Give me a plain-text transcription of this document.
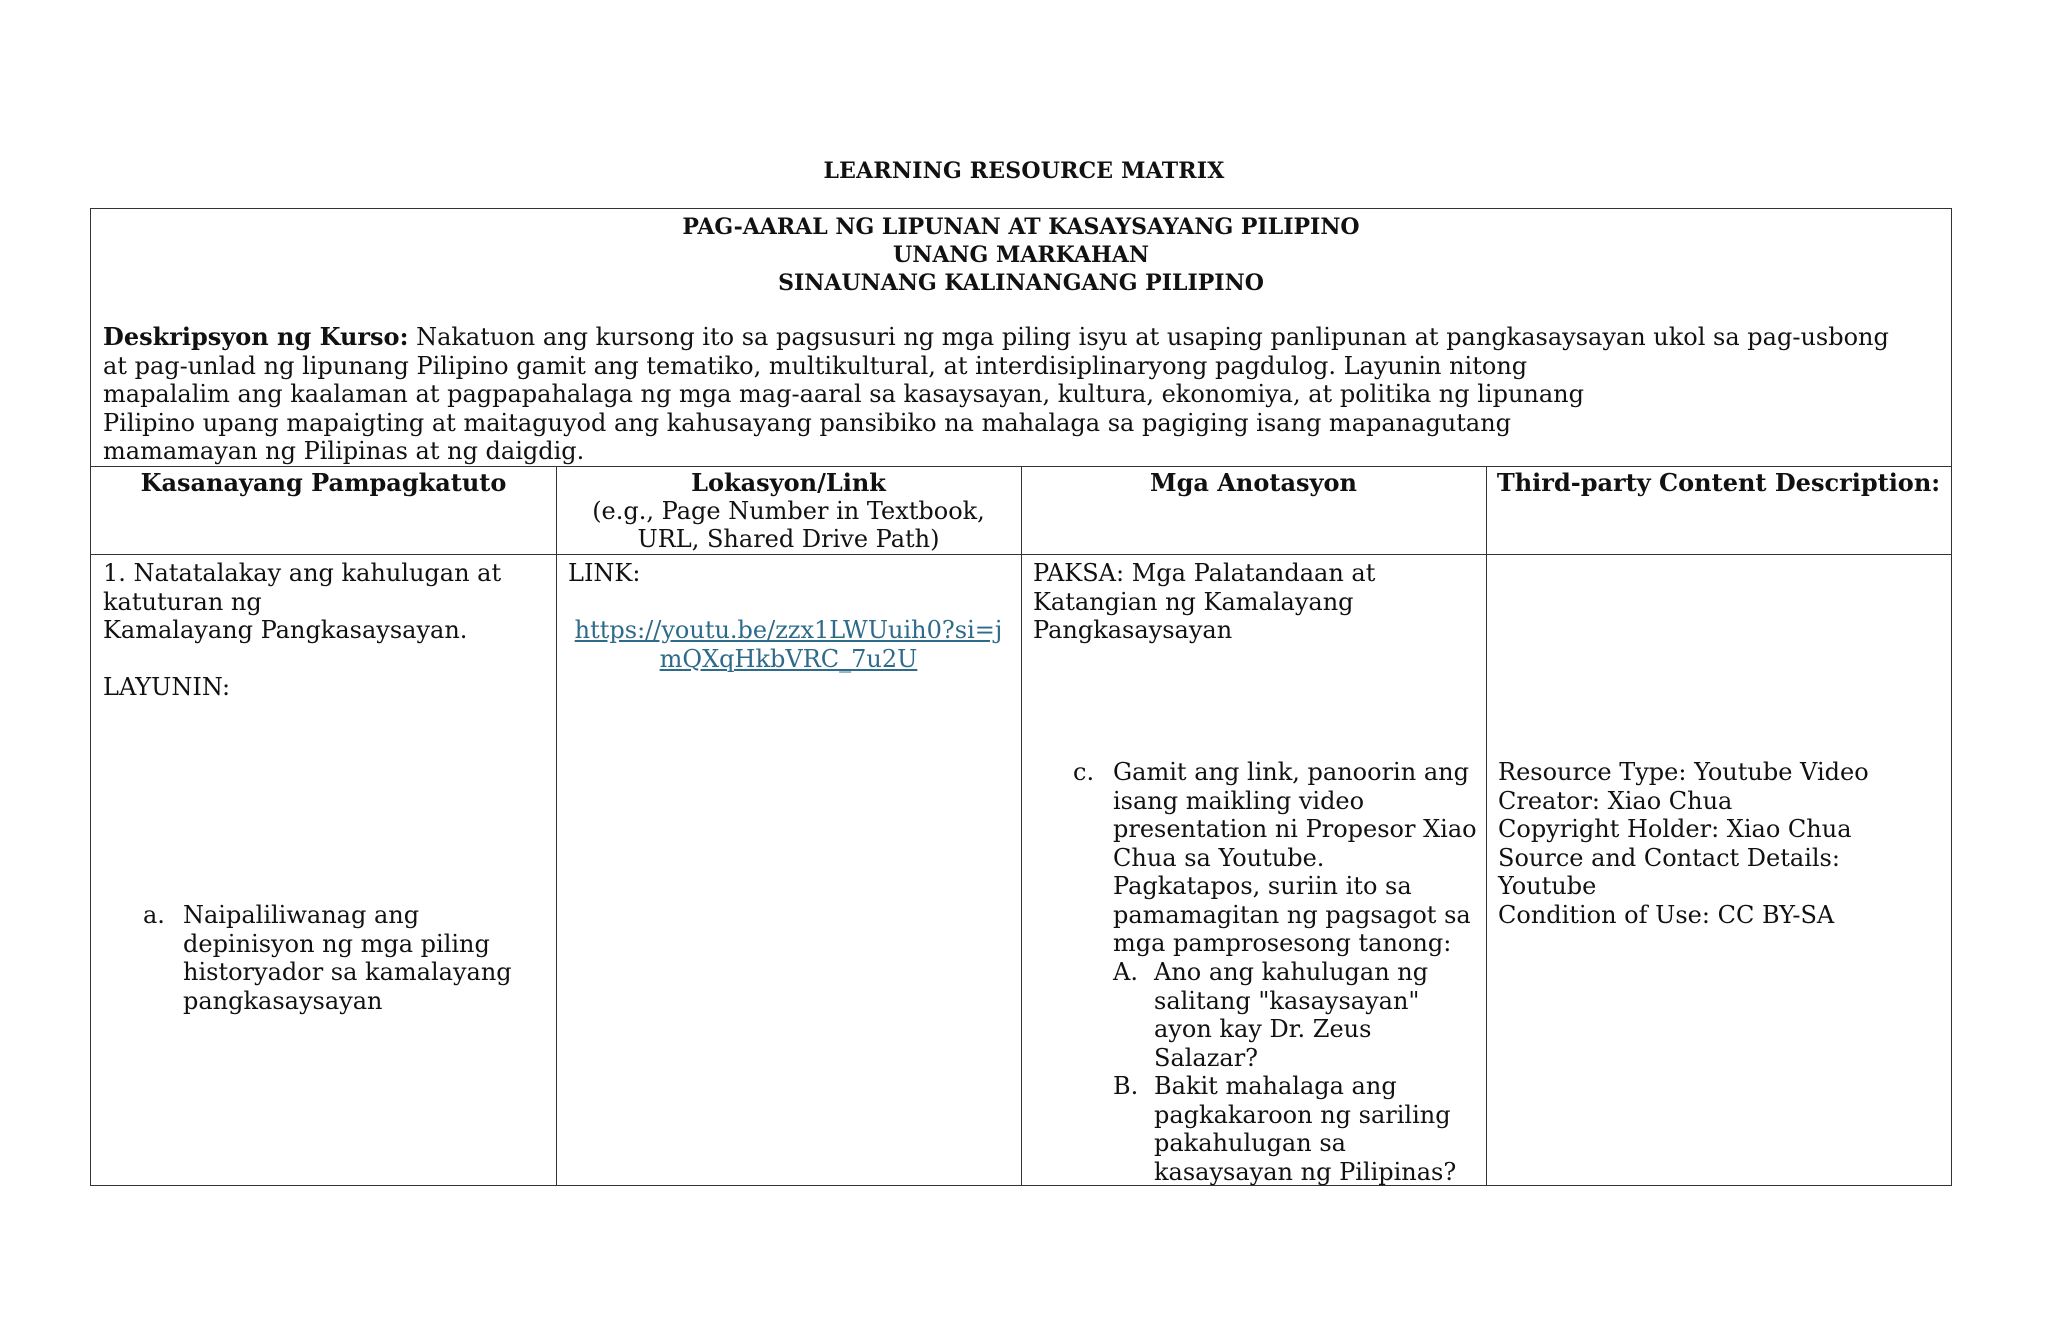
LEARNING RESOURCE MATRIX
PAG-AARAL NG LIPUNAN AT KASAYSAYANG PILIPINO
UNANG MARKAHAN
SINAUNANG KALINANGANG PILIPINO
Deskripsyon ng Kurso: Nakatuon ang kursong ito sa pagsusuri ng mga piling isyu at usaping panlipunan at pangkasaysayan ukol sa pag-usbong
at pag-unlad ng lipunang Pilipino gamit ang tematiko, multikultural, at interdisiplinaryong pagdulog. Layunin nitong
mapalalim ang kaalaman at pagpapahalaga ng mga mag-aaral sa kasaysayan, kultura, ekonomiya, at politika ng lipunang
Pilipino upang mapaigting at maitaguyod ang kahusayang pansibiko na mahalaga sa pagiging isang mapanagutang
mamamayan ng Pilipinas at ng daigdig.
Kasanayang Pampagkatuto	Lokasyon/Link
(e.g., Page Number in Textbook,
URL, Shared Drive Path)
Mga Anotasyon	Third-party Content Description:
1. Natatalakay ang kahulugan at
katuturan ng
Kamalayang Pangkasaysayan.

LAYUNIN:
a. Naipaliliwanag ang
depinisyon ng mga piling
historyador sa kamalayang
pangkasaysayan
LINK:
https://youtu.be/zzx1LWUuih0?si=j
mQXqHkbVRC_7u2U
PAKSA: Mga Palatandaan at
Katangian ng Kamalayang
Pangkasaysayan
c. Gamit ang link, panoorin ang
isang maikling video
presentation ni Propesor Xiao
Chua sa Youtube.
Pagkatapos, suriin ito sa
pamamagitan ng pagsagot sa
mga pamprosesong tanong:
A. Ano ang kahulugan ng
salitang "kasaysayan"
ayon kay Dr. Zeus
Salazar?
B. Bakit mahalaga ang
pagkakaroon ng sariling
pakahulugan sa
kasaysayan ng Pilipinas?
Resource Type: Youtube Video
Creator: Xiao Chua
Copyright Holder: Xiao Chua
Source and Contact Details:
Youtube
Condition of Use: CC BY-SA
